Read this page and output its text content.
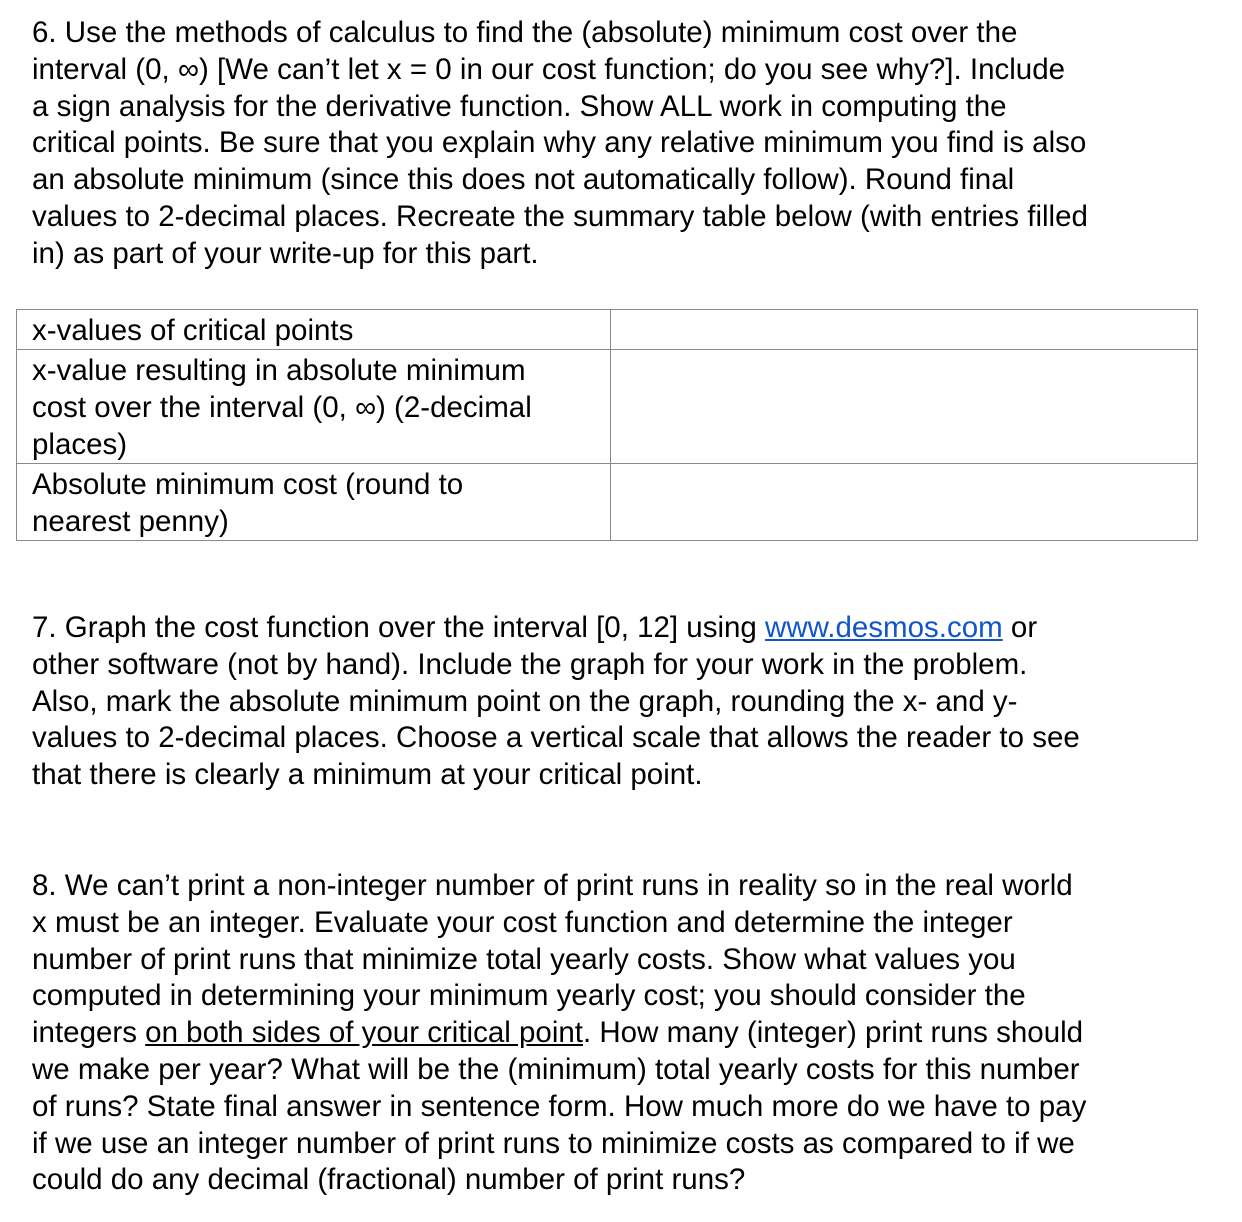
6. Use the methods of calculus to find the (absolute) minimum cost over the
interval (0, ∞) [We can’t let x = 0 in our cost function; do you see why?]. Include
a sign analysis for the derivative function. Show ALL work in computing the
critical points. Be sure that you explain why any relative minimum you find is also
an absolute minimum (since this does not automatically follow). Round final
values to 2-decimal places. Recreate the summary table below (with entries filled
in) as part of your write-up for this part.
x-values of critical points	

x-value resulting in absolute minimum
cost over the interval (0, ∞) (2-decimal
places)	

Absolute minimum cost (round to
nearest penny)	

7. Graph the cost function over the interval [0, 12] using www.desmos.com or
other software (not by hand). Include the graph for your work in the problem.
Also, mark the absolute minimum point on the graph, rounding the x- and y-
values to 2-decimal places. Choose a vertical scale that allows the reader to see
that there is clearly a minimum at your critical point.
8. We can’t print a non-integer number of print runs in reality so in the real world
x must be an integer. Evaluate your cost function and determine the integer
number of print runs that minimize total yearly costs. Show what values you
computed in determining your minimum yearly cost; you should consider the
integers on both sides of your critical point. How many (integer) print runs should
we make per year? What will be the (minimum) total yearly costs for this number
of runs? State final answer in sentence form. How much more do we have to pay
if we use an integer number of print runs to minimize costs as compared to if we
could do any decimal (fractional) number of print runs?
